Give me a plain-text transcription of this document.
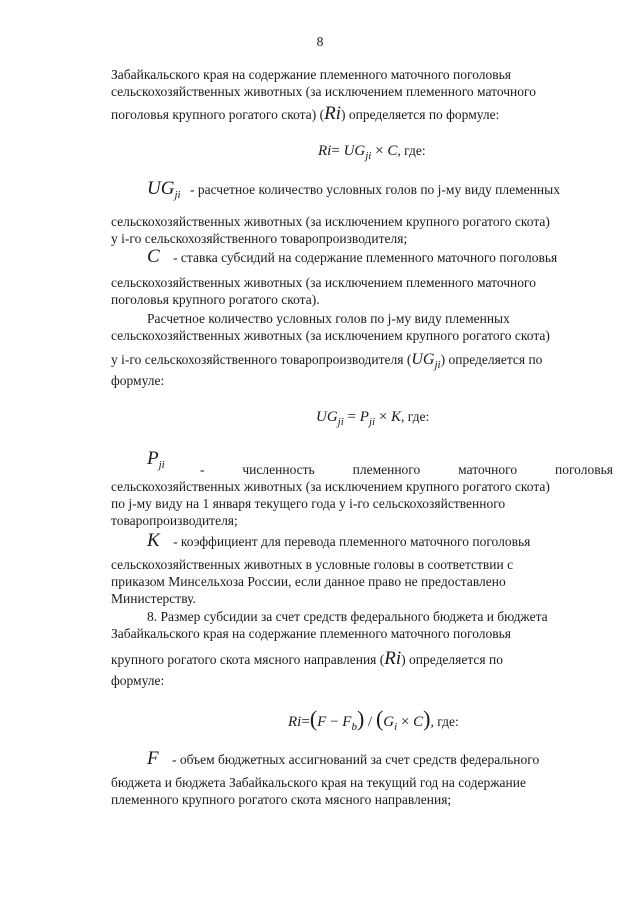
8
Забайкальского края на содержание племенного маточного поголовья
сельскохозяйственных животных (за исключением племенного маточного
поголовья крупного рогатого скота) (Ri) определяется по формуле:
$Ri= UG_{ji} \times C$, где:
$UG_{ji}$ - расчетное количество условных голов по j-му виду племенных
сельскохозяйственных животных (за исключением крупного рогатого скота)
у i-го сельскохозяйственного товаропроизводителя;
C - ставка субсидий на содержание племенного маточного поголовья
сельскохозяйственных животных (за исключением племенного маточного
поголовья крупного рогатого скота).
Расчетное количество условных голов по j-му виду племенных
сельскохозяйственных животных (за исключением крупного рогатого скота)
у i-го сельскохозяйственного товаропроизводителя $(UG_{ji})$ определяется по
формуле:
$UG_{ji} = P_{ji} \times K$, где:
$P_{ji}$	-	численность	племенного	маточного	поголовья
сельскохозяйственных животных (за исключением крупного рогатого скота)
по j-му виду на 1 января текущего года у i-го сельскохозяйственного
товаропроизводителя;
K - коэффициент для перевода племенного маточного поголовья
сельскохозяйственных животных в условные головы в соответствии с
приказом Минсельхоза России, если данное право не предоставлено
Министерству.
8. Размер субсидии за счет средств федерального бюджета и бюджета
Забайкальского края на содержание племенного маточного поголовья
крупного рогатого скота мясного направления (Ri) определяется по
формуле:
$Ri=(F - F_b) / (G_i \times C)$, где:
F - объем бюджетных ассигнований за счет средств федерального
бюджета и бюджета Забайкальского края на текущий год на содержание
племенного крупного рогатого скота мясного направления;
